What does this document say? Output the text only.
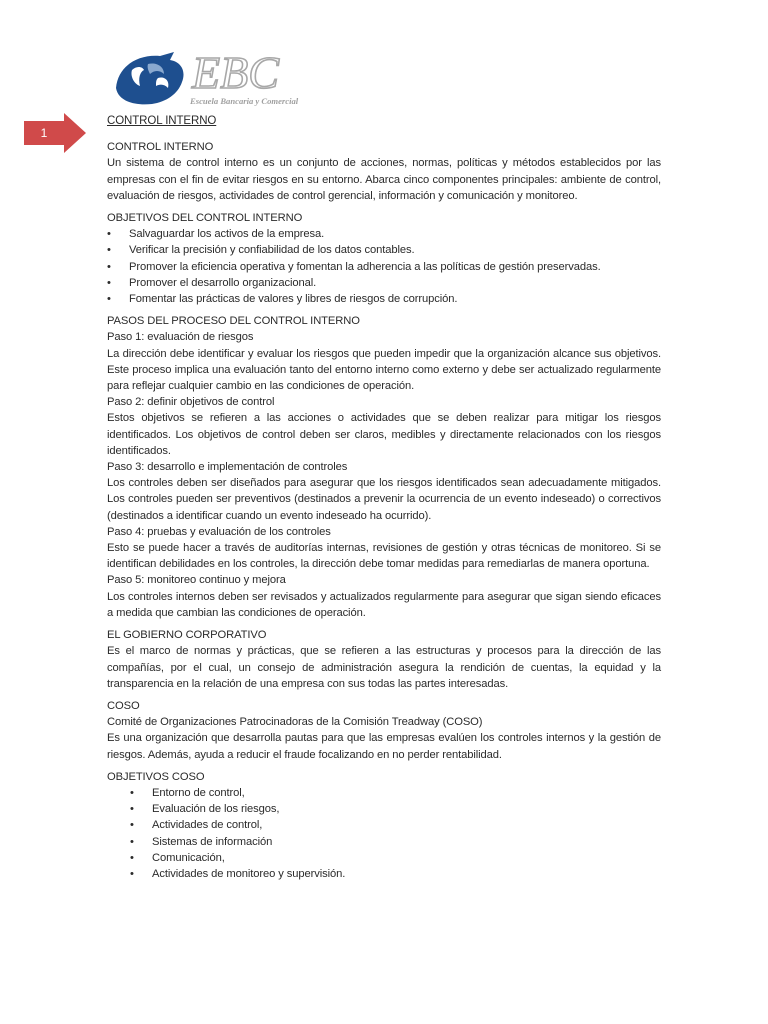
EBC
Escuela Bancaria y Comercial
1
CONTROL INTERNO
CONTROL INTERNO

Un sistema de control interno es un conjunto de acciones, normas, políticas y métodos establecidos por las empresas con el fin de evitar riesgos en su entorno. Abarca cinco componentes principales: ambiente de control, evaluación de riesgos, actividades de control gerencial, información y comunicación y monitoreo.

OBJETIVOS DEL CONTROL INTERNO
• Salvaguardar los activos de la empresa.
• Verificar la precisión y confiabilidad de los datos contables.
• Promover la eficiencia operativa y fomentan la adherencia a las políticas de gestión preservadas.
• Promover el desarrollo organizacional.
• Fomentar las prácticas de valores y libres de riesgos de corrupción.
PASOS DEL PROCESO DEL CONTROL INTERNO
Paso 1: evaluación de riesgos

La dirección debe identificar y evaluar los riesgos que pueden impedir que la organización alcance sus objetivos. Este proceso implica una evaluación tanto del entorno interno como externo y debe ser actualizado regularmente para reflejar cualquier cambio en las condiciones de operación.

Paso 2: definir objetivos de control

Estos objetivos se refieren a las acciones o actividades que se deben realizar para mitigar los riesgos identificados. Los objetivos de control deben ser claros, medibles y directamente relacionados con los riesgos identificados.

Paso 3: desarrollo e implementación de controles

Los controles deben ser diseñados para asegurar que los riesgos identificados sean adecuadamente mitigados. Los controles pueden ser preventivos (destinados a prevenir la ocurrencia de un evento indeseado) o correctivos (destinados a identificar cuando un evento indeseado ha ocurrido).

Paso 4: pruebas y evaluación de los controles

Esto se puede hacer a través de auditorías internas, revisiones de gestión y otras técnicas de monitoreo. Si se identifican debilidades en los controles, la dirección debe tomar medidas para remediarlas de manera oportuna.

Paso 5: monitoreo continuo y mejora

Los controles internos deben ser revisados y actualizados regularmente para asegurar que sigan siendo eficaces a medida que cambian las condiciones de operación.

EL GOBIERNO CORPORATIVO

Es el marco de normas y prácticas, que se refieren a las estructuras y procesos para la dirección de las compañías, por el cual, un consejo de administración asegura la rendición de cuentas, la equidad y la transparencia en la relación de una empresa con sus todas las partes interesadas.

COSO
Comité de Organizaciones Patrocinadoras de la Comisión Treadway (COSO)

Es una organización que desarrolla pautas para que las empresas evalúen los controles internos y la gestión de riesgos. Además, ayuda a reducir el fraude focalizando en no perder rentabilidad.

OBJETIVOS COSO
• Entorno de control,
• Evaluación de los riesgos,
• Actividades de control,
• Sistemas de información
• Comunicación,
• Actividades de monitoreo y supervisión.
